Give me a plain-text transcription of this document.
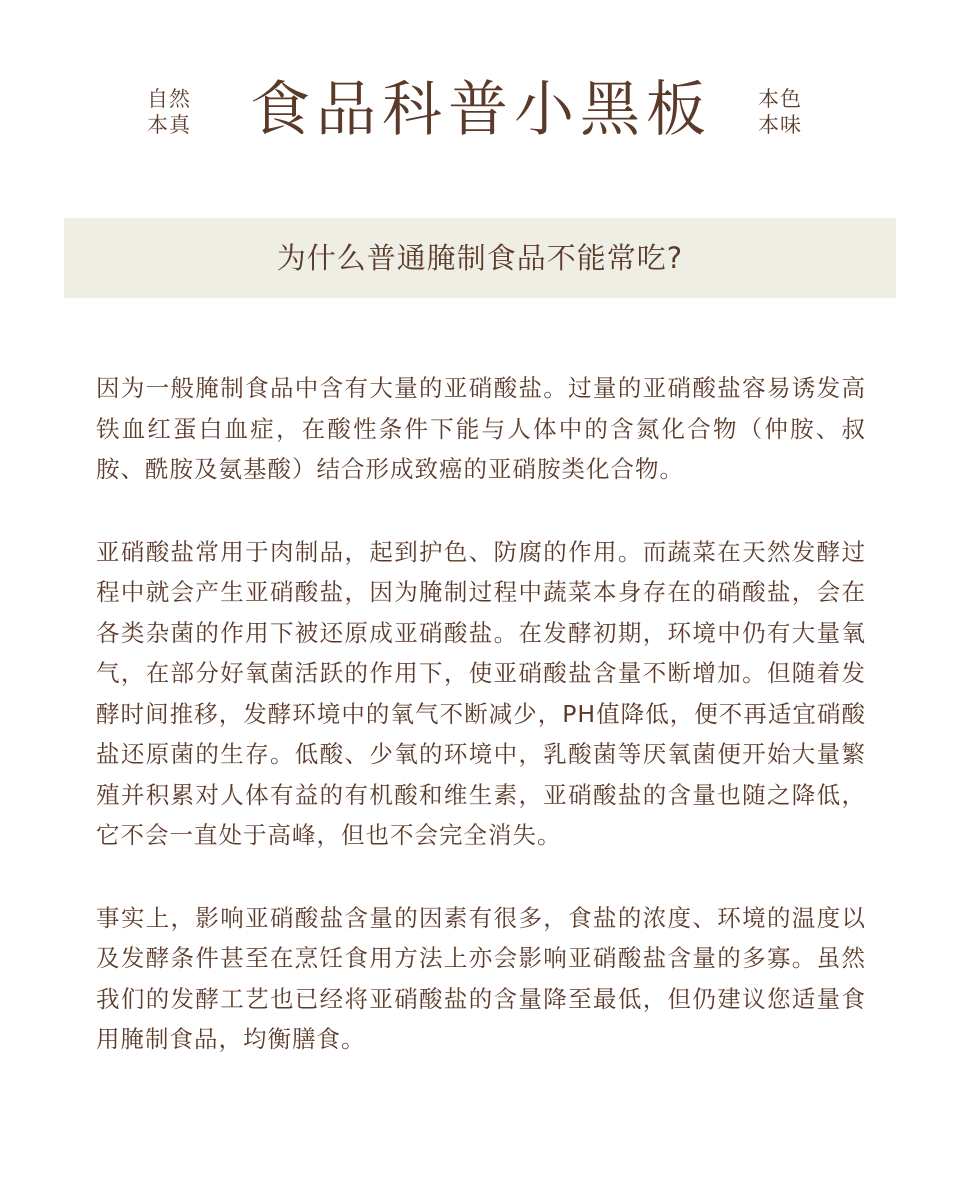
自然
本真 食品科普小黑板	本色
本味
为什么普通腌制食品不能常吃?

因为一般腌制食品中含有大量的亚硝酸盐。过量的亚硝酸盐容易诱发高铁血红蛋白血症，在酸性条件下能与人体中的含氮化合物（仲胺、叔胺、酰胺及氨基酸）结合形成致癌的亚硝胺类化合物。

亚硝酸盐常用于肉制品，起到护色、防腐的作用。而蔬菜在天然发酵过程中就会产生亚硝酸盐，因为腌制过程中蔬菜本身存在的硝酸盐，会在各类杂菌的作用下被还原成亚硝酸盐。在发酵初期，环境中仍有大量氧气，在部分好氧菌活跃的作用下，使亚硝酸盐含量不断增加。但随着发酵时间推移，发酵环境中的氧气不断减少，PH值降低，便不再适宜硝酸盐还原菌的生存。低酸、少氧的环境中，乳酸菌等厌氧菌便开始大量繁殖并积累对人体有益的有机酸和维生素，亚硝酸盐的含量也随之降低，它不会一直处于高峰，但也不会完全消失。

事实上，影响亚硝酸盐含量的因素有很多，食盐的浓度、环境的温度以及发酵条件甚至在烹饪食用方法上亦会影响亚硝酸盐含量的多寡。虽然我们的发酵工艺也已经将亚硝酸盐的含量降至最低，但仍建议您适量食用腌制食品，均衡膳食。
